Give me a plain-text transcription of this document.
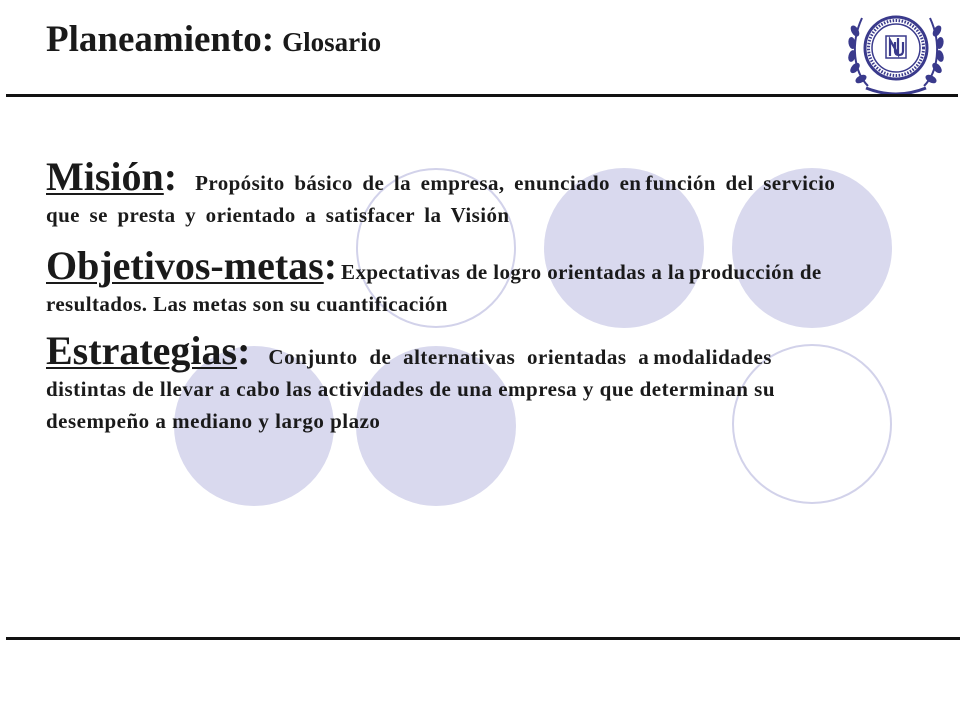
Planeamiento: Glosario

Misión: Propósito básico de la empresa, enunciado en función del servicio que se presta y orientado a satisfacer la Visión

Objetivos-metas: Expectativas de logro orientadas a la producción de resultados. Las metas son su cuantificación

Estrategias: Conjunto de alternativas orientadas a modalidades distintas de llevar a cabo las actividades de una empresa y que determinan su desempeño a mediano y largo plazo
